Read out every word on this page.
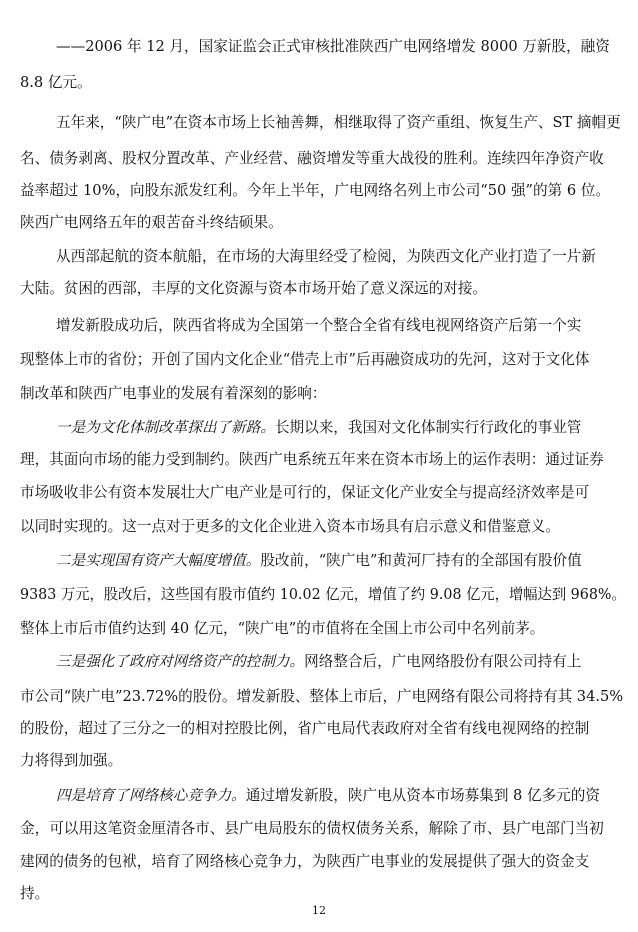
——2006 年 12 月，国家证监会正式审核批准陕西广电网络增发 8000 万新股，融资
8.8 亿元。
五年来，“陕广电”在资本市场上长袖善舞，相继取得了资产重组、恢复生产、ST 摘帽更
名、债务剥离、股权分置改革、产业经营、融资增发等重大战役的胜利。连续四年净资产收
益率超过 10%，向股东派发红利。今年上半年，广电网络名列上市公司“50 强”的第 6 位。
陕西广电网络五年的艰苦奋斗终结硕果。
从西部起航的资本航船，在市场的大海里经受了检阅，为陕西文化产业打造了一片新
大陆。贫困的西部，丰厚的文化资源与资本市场开始了意义深远的对接。
增发新股成功后，陕西省将成为全国第一个整合全省有线电视网络资产后第一个实
现整体上市的省份；开创了国内文化企业“借壳上市”后再融资成功的先河，这对于文化体
制改革和陕西广电事业的发展有着深刻的影响：
一是为文化体制改革探出了新路。长期以来，我国对文化体制实行行政化的事业管
理，其面向市场的能力受到制约。陕西广电系统五年来在资本市场上的运作表明：通过证券
市场吸收非公有资本发展壮大广电产业是可行的，保证文化产业安全与提高经济效率是可
以同时实现的。这一点对于更多的文化企业进入资本市场具有启示意义和借鉴意义。
二是实现国有资产大幅度增值。股改前，“陕广电”和黄河厂持有的全部国有股价值
9383 万元，股改后，这些国有股市值约 10.02 亿元，增值了约 9.08 亿元，增幅达到 968%。
整体上市后市值约达到 40 亿元，“陕广电”的市值将在全国上市公司中名列前茅。
三是强化了政府对网络资产的控制力。网络整合后，广电网络股份有限公司持有上
市公司“陕广电”23.72%的股份。增发新股、整体上市后，广电网络有限公司将持有其 34.5%
的股份，超过了三分之一的相对控股比例，省广电局代表政府对全省有线电视网络的控制
力将得到加强。
四是培育了网络核心竞争力。通过增发新股，陕广电从资本市场募集到 8 亿多元的资
金，可以用这笔资金厘清各市、县广电局股东的债权债务关系，解除了市、县广电部门当初
建网的债务的包袱，培育了网络核心竞争力，为陕西广电事业的发展提供了强大的资金支
持。
12
